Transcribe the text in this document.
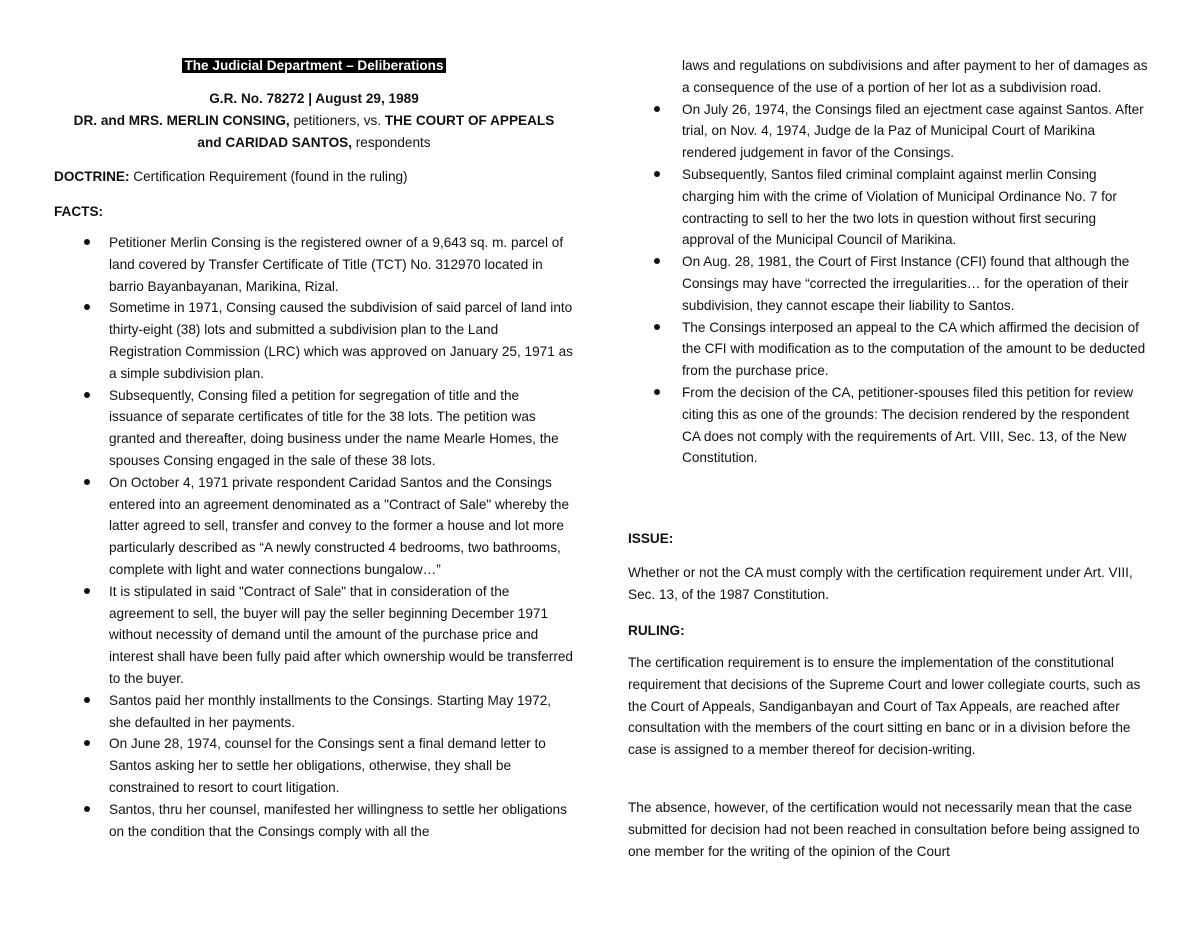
The Judicial Department – Deliberations
G.R. No. 78272 | August 29, 1989
DR. and MRS. MERLIN CONSING, petitioners, vs. THE COURT OF APPEALS and CARIDAD SANTOS, respondents
DOCTRINE: Certification Requirement (found in the ruling)
FACTS:
Petitioner Merlin Consing is the registered owner of a 9,643 sq. m. parcel of land covered by Transfer Certificate of Title (TCT) No. 312970 located in barrio Bayanbayanan, Marikina, Rizal.
Sometime in 1971, Consing caused the subdivision of said parcel of land into thirty-eight (38) lots and submitted a subdivision plan to the Land Registration Commission (LRC) which was approved on January 25, 1971 as a simple subdivision plan.
Subsequently, Consing filed a petition for segregation of title and the issuance of separate certificates of title for the 38 lots. The petition was granted and thereafter, doing business under the name Mearle Homes, the spouses Consing engaged in the sale of these 38 lots.
On October 4, 1971 private respondent Caridad Santos and the Consings entered into an agreement denominated as a "Contract of Sale" whereby the latter agreed to sell, transfer and convey to the former a house and lot more particularly described as “A newly constructed 4 bedrooms, two bathrooms, complete with light and water connections bungalow…”
It is stipulated in said "Contract of Sale" that in consideration of the agreement to sell, the buyer will pay the seller beginning December 1971 without necessity of demand until the amount of the purchase price and interest shall have been fully paid after which ownership would be transferred to the buyer.
Santos paid her monthly installments to the Consings. Starting May 1972, she defaulted in her payments.
On June 28, 1974, counsel for the Consings sent a final demand letter to Santos asking her to settle her obligations, otherwise, they shall be constrained to resort to court litigation.
Santos, thru her counsel, manifested her willingness to settle her obligations on the condition that the Consings comply with all the
laws and regulations on subdivisions and after payment to her of damages as a consequence of the use of a portion of her lot as a subdivision road.
On July 26, 1974, the Consings filed an ejectment case against Santos. After trial, on Nov. 4, 1974, Judge de la Paz of Municipal Court of Marikina rendered judgement in favor of the Consings.
Subsequently, Santos filed criminal complaint against merlin Consing charging him with the crime of Violation of Municipal Ordinance No. 7 for contracting to sell to her the two lots in question without first securing approval of the Municipal Council of Marikina.
On Aug. 28, 1981, the Court of First Instance (CFI) found that although the Consings may have “corrected the irregularities… for the operation of their subdivision, they cannot escape their liability to Santos.
The Consings interposed an appeal to the CA which affirmed the decision of the CFI with modification as to the computation of the amount to be deducted from the purchase price.
From the decision of the CA, petitioner-spouses filed this petition for review citing this as one of the grounds: The decision rendered by the respondent CA does not comply with the requirements of Art. VIII, Sec. 13, of the New Constitution.
ISSUE:
Whether or not the CA must comply with the certification requirement under Art. VIII, Sec. 13, of the 1987 Constitution.
RULING:
The certification requirement is to ensure the implementation of the constitutional requirement that decisions of the Supreme Court and lower collegiate courts, such as the Court of Appeals, Sandiganbayan and Court of Tax Appeals, are reached after consultation with the members of the court sitting en banc or in a division before the case is assigned to a member thereof for decision-writing.
The absence, however, of the certification would not necessarily mean that the case submitted for decision had not been reached in consultation before being assigned to one member for the writing of the opinion of the Court
